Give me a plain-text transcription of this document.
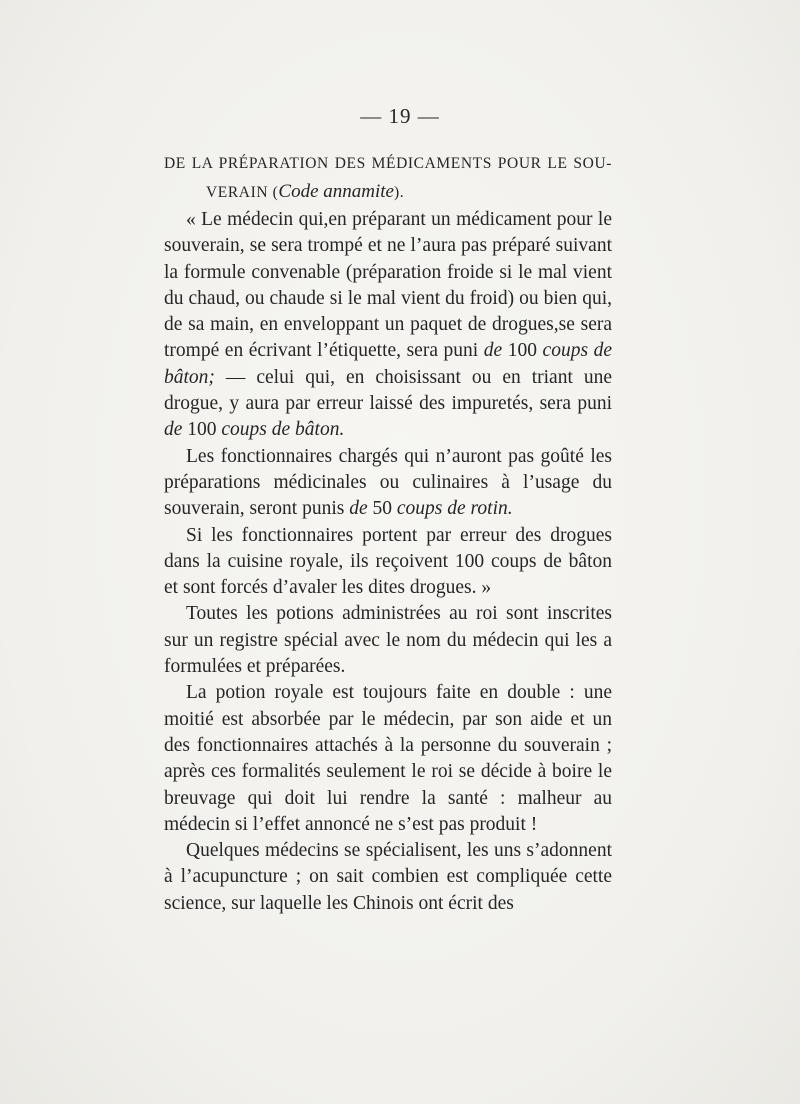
— 19 —
DE LA PRÉPARATION DES MÉDICAMENTS POUR LE SOU-
VERAIN (Code annamite).

« Le médecin qui,en préparant un médicament pour le souverain, se sera trompé et ne l’aura pas préparé suivant la formule convenable (préparation froide si le mal vient du chaud, ou chaude si le mal vient du froid) ou bien qui, de sa main, en enveloppant un paquet de drogues,se sera trompé en écrivant l’étiquette, sera puni de 100 coups de bâton; — celui qui, en choisissant ou en triant une drogue, y aura par erreur laissé des impuretés, sera puni de 100 coups de bâton.

Les fonctionnaires chargés qui n’auront pas goûté les préparations médicinales ou culinaires à l’usage du souverain, seront punis de 50 coups de rotin.

Si les fonctionnaires portent par erreur des drogues dans la cuisine royale, ils reçoivent 100 coups de bâton et sont forcés d’avaler les dites drogues. »

Toutes les potions administrées au roi sont inscrites sur un registre spécial avec le nom du médecin qui les a formulées et préparées.

La potion royale est toujours faite en double : une moitié est absorbée par le médecin, par son aide et un des fonctionnaires attachés à la personne du souverain ; après ces formalités seulement le roi se décide à boire le breuvage qui doit lui rendre la santé : malheur au médecin si l’effet annoncé ne s’est pas produit !

Quelques médecins se spécialisent, les uns s’adonnent à l’acupuncture ; on sait combien est compliquée cette science, sur laquelle les Chinois ont écrit des
